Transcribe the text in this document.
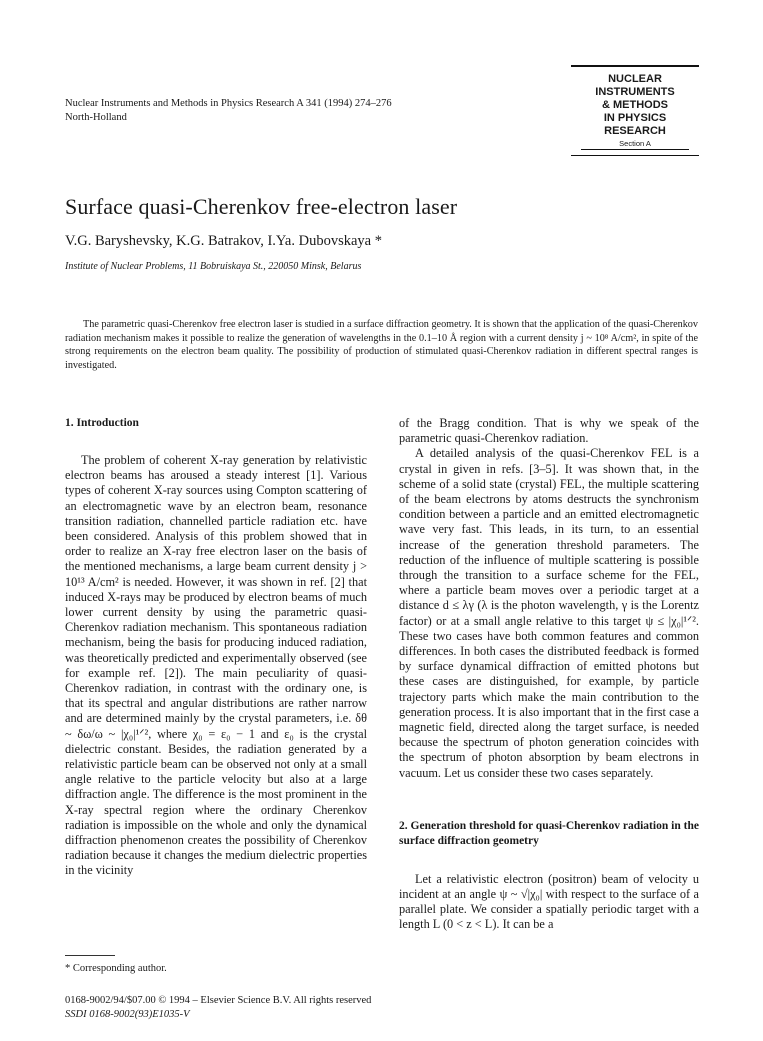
Nuclear Instruments and Methods in Physics Research A 341 (1994) 274–276
North-Holland
NUCLEAR
INSTRUMENTS
& METHODS
IN PHYSICS
RESEARCH
Section A
Surface quasi-Cherenkov free-electron laser
V.G. Baryshevsky, K.G. Batrakov, I.Ya. Dubovskaya *
Institute of Nuclear Problems, 11 Bobruiskaya St., 220050 Minsk, Belarus

The parametric quasi-Cherenkov free electron laser is studied in a surface diffraction geometry. It is shown that the application of the quasi-Cherenkov radiation mechanism makes it possible to realize the generation of wavelengths in the 0.1–10 Å region with a current density j ~ 10⁸ A/cm², in spite of the strong requirements on the electron beam quality. The possibility of production of stimulated quasi-Cherenkov radiation in different spectral ranges is investigated.

1. Introduction

The problem of coherent X-ray generation by relativistic electron beams has aroused a steady interest [1]. Various types of coherent X-ray sources using Compton scattering of an electromagnetic wave by an electron beam, resonance transition radiation, channelled particle radiation etc. have been considered. Analysis of this problem showed that in order to realize an X-ray free electron laser on the basis of the mentioned mechanisms, a large beam current density j > 10¹³ A/cm² is needed. However, it was shown in ref. [2] that induced X-rays may be produced by electron beams of much lower current density by using the parametric quasi-Cherenkov radiation mechanism. This spontaneous radiation mechanism, being the basis for producing induced radiation, was theoretically predicted and experimentally observed (see for example ref. [2]). The main peculiarity of quasi-Cherenkov radiation, in contrast with the ordinary one, is that its spectral and angular distributions are rather narrow and are determined mainly by the crystal parameters, i.e. δθ ~ δω/ω ~ |χ₀|¹ᐟ², where χ₀ = ε₀ − 1 and ε₀ is the crystal dielectric constant. Besides, the radiation generated by a relativistic particle beam can be observed not only at a small angle relative to the particle velocity but also at a large diffraction angle. The difference is the most prominent in the X-ray spectral region where the ordinary Cherenkov radiation is impossible on the whole and only the dynamical diffraction phenomenon creates the possibility of Cherenkov radiation because it changes the medium dielectric properties in the vicinity

of the Bragg condition. That is why we speak of the parametric quasi-Cherenkov radiation.

A detailed analysis of the quasi-Cherenkov FEL is a crystal in given in refs. [3–5]. It was shown that, in the scheme of a solid state (crystal) FEL, the multiple scattering of the beam electrons by atoms destructs the synchronism condition between a particle and an emitted electromagnetic wave very fast. This leads, in its turn, to an essential increase of the generation threshold parameters. The reduction of the influence of multiple scattering is possible through the transition to a surface scheme for the FEL, where a particle beam moves over a periodic target at a distance d ≤ λγ (λ is the photon wavelength, γ is the Lorentz factor) or at a small angle relative to this target ψ ≤ |χ₀|¹ᐟ². These two cases have both common features and common differences. In both cases the distributed feedback is formed by surface dynamical diffraction of emitted photons but these cases are distinguished, for example, by particle trajectory parts which make the main contribution to the generation process. It is also important that in the first case a magnetic field, directed along the target surface, is needed because the spectrum of photon generation coincides with the spectrum of photon absorption by beam electrons in vacuum. Let us consider these two cases separately.

2. Generation threshold for quasi-Cherenkov radiation in the surface diffraction geometry

Let a relativistic electron (positron) beam of velocity u incident at an angle ψ ~ √|χ₀| with respect to the surface of a parallel plate. We consider a spatially periodic target with a length L (0 < z < L). It can be a

* Corresponding author.
0168-9002/94/$07.00 © 1994 – Elsevier Science B.V. All rights reserved
SSDI 0168-9002(93)E1035-V
